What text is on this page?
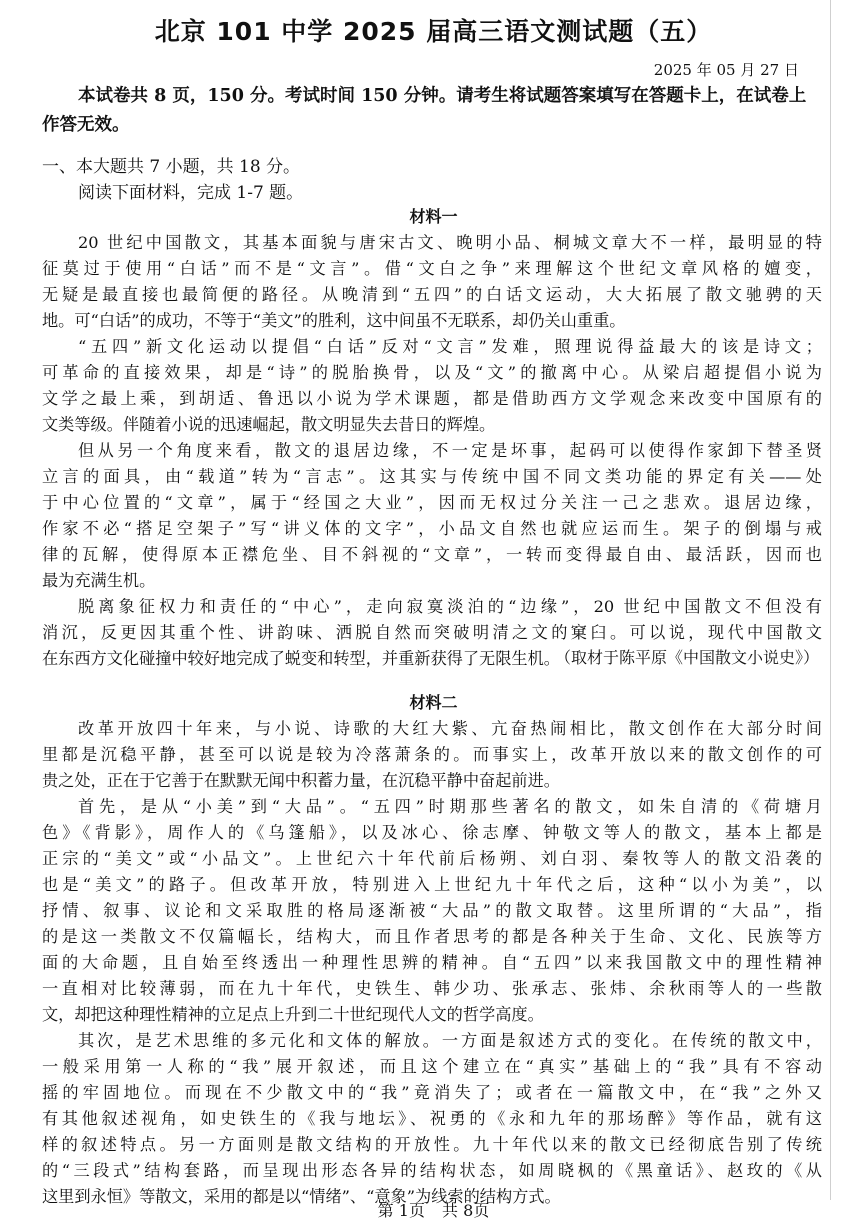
北京 101 中学 2025 届高三语文测试题（五）
2025 年 05 月 27 日
本试卷共 8 页，150 分。考试时间 150 分钟。请考生将试题答案填写在答题卡上，在试卷上作答无效。
一、本大题共 7 小题，共 18 分。
阅读下面材料，完成 1-7 题。
材料一
20 世纪中国散文，其基本面貌与唐宋古文、晚明小品、桐城文章大不一样，最明显的特
征莫过于使用“白话”而不是“文言”。借“文白之争”来理解这个世纪文章风格的嬗变，
无疑是最直接也最简便的路径。从晚清到“五四”的白话文运动，大大拓展了散文驰骋的天
地。可“白话”的成功，不等于“美文”的胜利，这中间虽不无联系，却仍关山重重。
“五四”新文化运动以提倡“白话”反对“文言”发难，照理说得益最大的该是诗文；
可革命的直接效果，却是“诗”的脱胎换骨，以及“文”的撤离中心。从梁启超提倡小说为
文学之最上乘，到胡适、鲁迅以小说为学术课题，都是借助西方文学观念来改变中国原有的
文类等级。伴随着小说的迅速崛起，散文明显失去昔日的辉煌。
但从另一个角度来看，散文的退居边缘，不一定是坏事，起码可以使得作家卸下替圣贤
立言的面具，由“载道”转为“言志”。这其实与传统中国不同文类功能的界定有关——处
于中心位置的“文章”，属于“经国之大业”，因而无权过分关注一己之悲欢。退居边缘，
作家不必“搭足空架子”写“讲义体的文字”，小品文自然也就应运而生。架子的倒塌与戒
律的瓦解，使得原本正襟危坐、目不斜视的“文章”，一转而变得最自由、最活跃，因而也
最为充满生机。
脱离象征权力和责任的“中心”，走向寂寞淡泊的“边缘”，20 世纪中国散文不但没有
消沉，反更因其重个性、讲韵味、洒脱自然而突破明清之文的窠臼。可以说，现代中国散文
在东西方文化碰撞中较好地完成了蜕变和转型，并重新获得了无限生机。
（取材于陈平原《中国散文小说史》）
材料二
改革开放四十年来，与小说、诗歌的大红大紫、亢奋热闹相比，散文创作在大部分时间
里都是沉稳平静，甚至可以说是较为冷落萧条的。而事实上，改革开放以来的散文创作的可
贵之处，正在于它善于在默默无闻中积蓄力量，在沉稳平静中奋起前进。
首先，是从“小美”到“大品”。“五四”时期那些著名的散文，如朱自清的《荷塘月
色》《背影》，周作人的《乌篷船》，以及冰心、徐志摩、钟敬文等人的散文，基本上都是
正宗的“美文”或“小品文”。上世纪六十年代前后杨朔、刘白羽、秦牧等人的散文沿袭的
也是“美文”的路子。但改革开放，特别进入上世纪九十年代之后，这种“以小为美”，以
抒情、叙事、议论和文采取胜的格局逐渐被“大品”的散文取替。这里所谓的“大品”，指
的是这一类散文不仅篇幅长，结构大，而且作者思考的都是各种关于生命、文化、民族等方
面的大命题，且自始至终透出一种理性思辨的精神。自“五四”以来我国散文中的理性精神
一直相对比较薄弱，而在九十年代，史铁生、韩少功、张承志、张炜、余秋雨等人的一些散
文，却把这种理性精神的立足点上升到二十世纪现代人文的哲学高度。
其次，是艺术思维的多元化和文体的解放。一方面是叙述方式的变化。在传统的散文中，
一般采用第一人称的“我”展开叙述，而且这个建立在“真实”基础上的“我”具有不容动
摇的牢固地位。而现在不少散文中的“我”竟消失了；或者在一篇散文中，在“我”之外又
有其他叙述视角，如史铁生的《我与地坛》、祝勇的《永和九年的那场醉》等作品，就有这
样的叙述特点。另一方面则是散文结构的开放性。九十年代以来的散文已经彻底告别了传统
的“三段式”结构套路，而呈现出形态各异的结构状态，如周晓枫的《黑童话》、赵玫的《从
这里到永恒》等散文，采用的都是以“情绪”、“意象”为线索的结构方式。
第 1页 共 8页
